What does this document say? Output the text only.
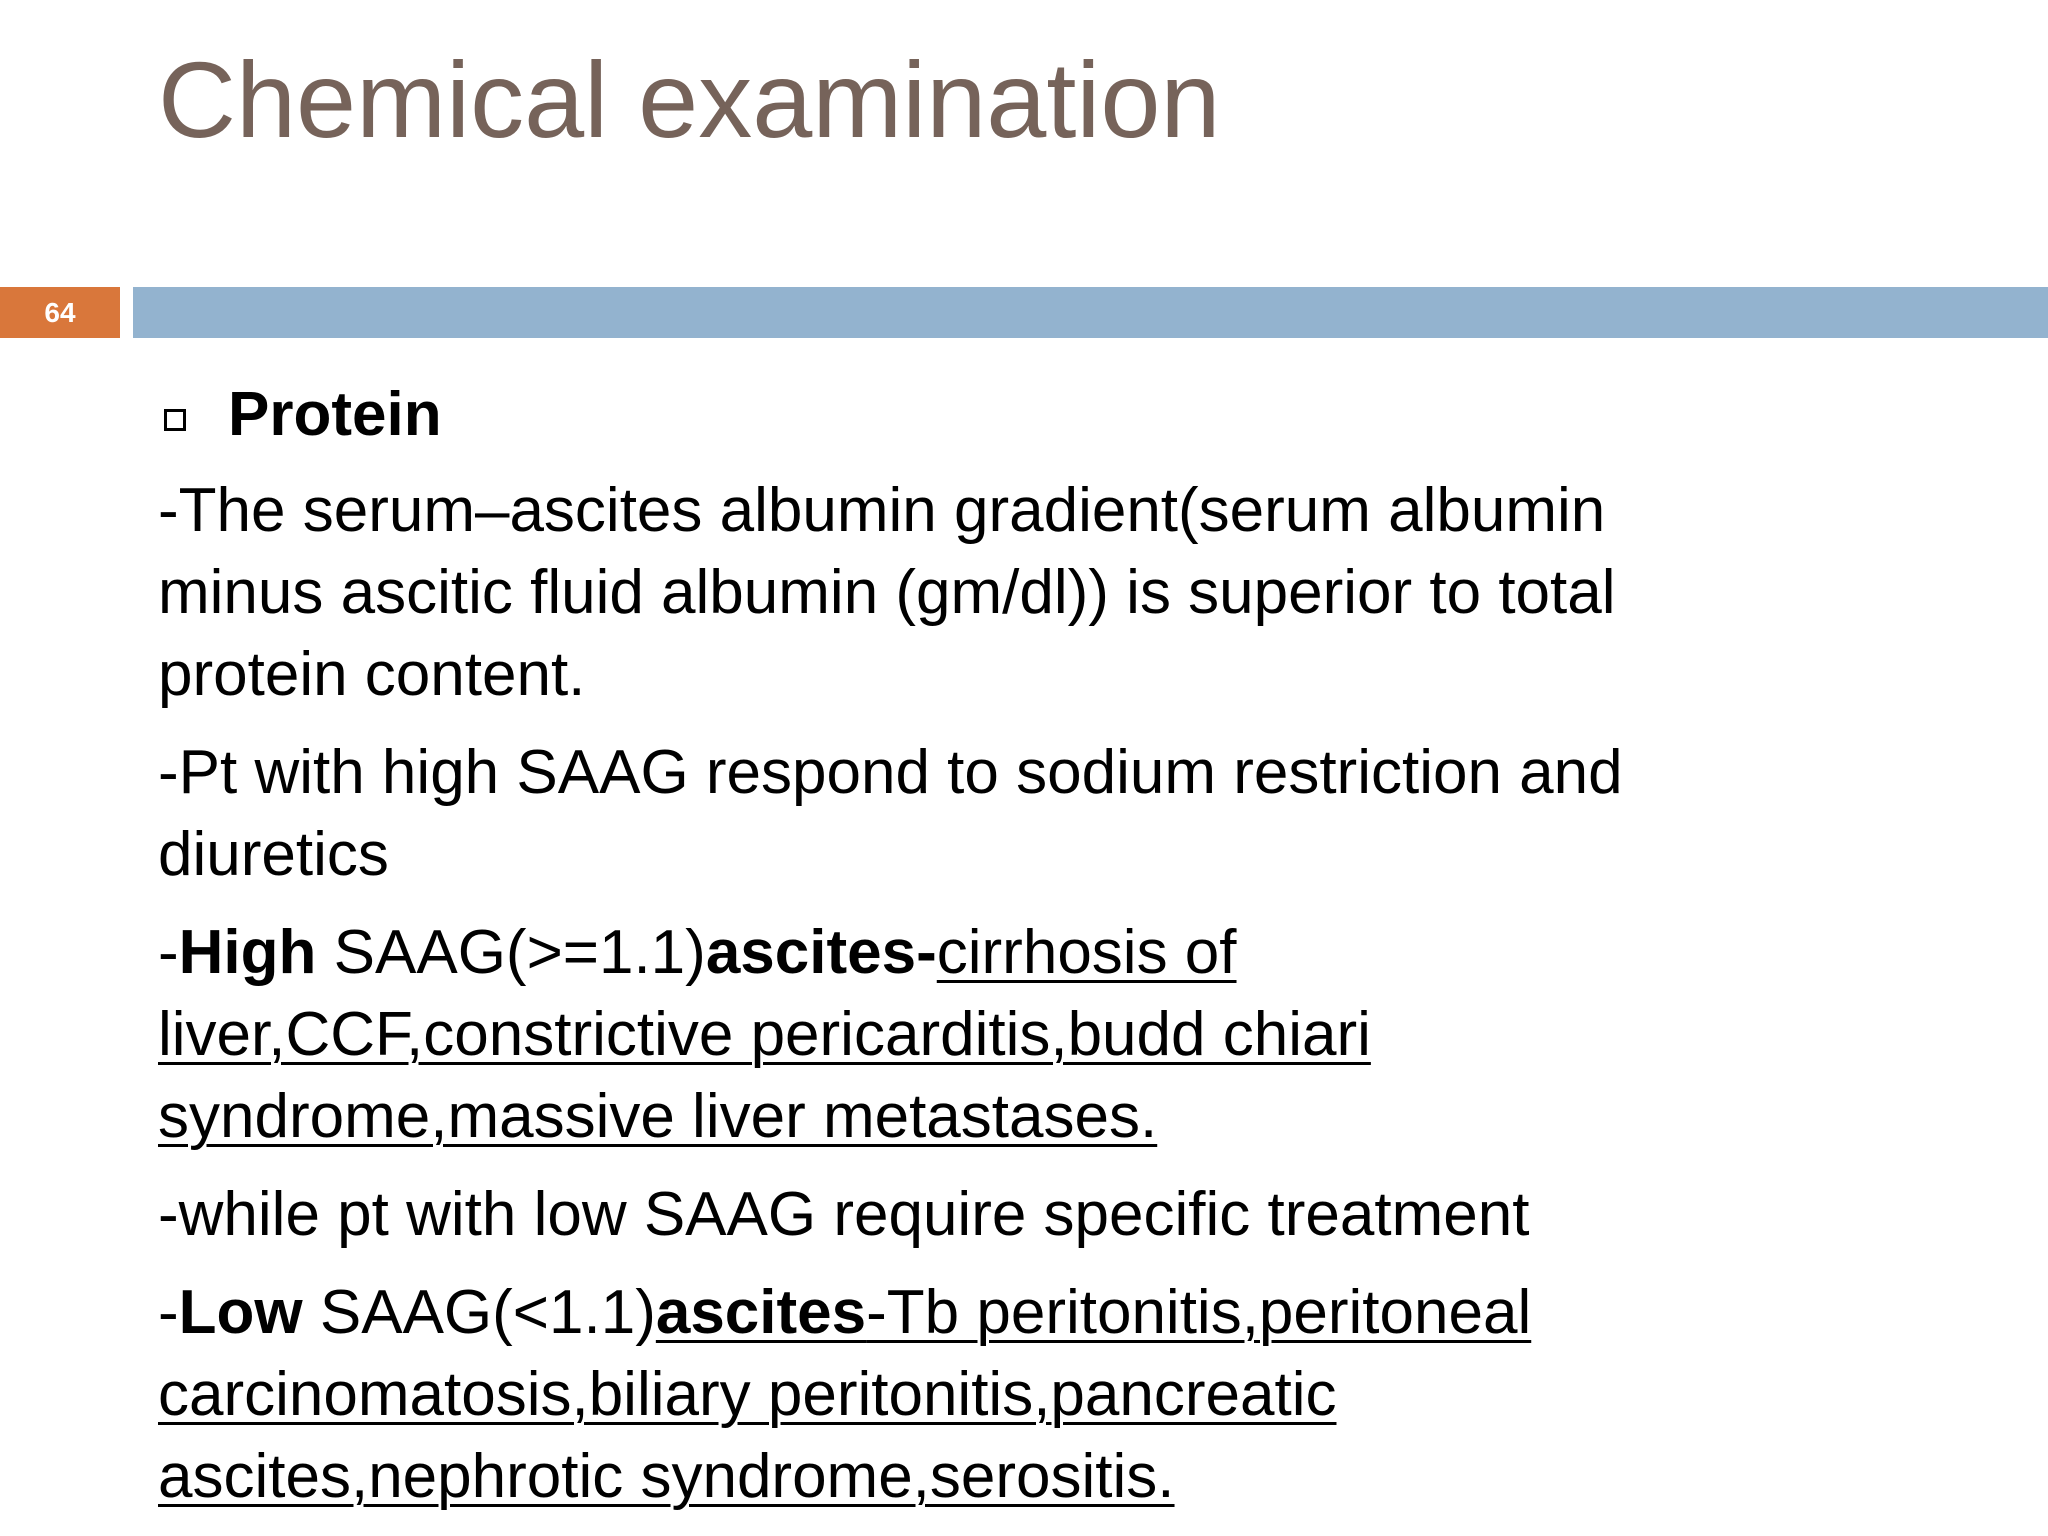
Chemical examination
64
Protein

-The serum–ascites albumin gradient(serum albumin
minus ascitic fluid albumin (gm/dl)) is superior to total
protein content.

-Pt with high SAAG respond to sodium restriction and
diuretics

-High SAAG(>=1.1)ascites-cirrhosis of
liver,CCF,constrictive pericarditis,budd chiari
syndrome,massive liver metastases.

-while pt with low SAAG require specific treatment

-Low SAAG(<1.1)ascites-Tb peritonitis,peritoneal
carcinomatosis,biliary peritonitis,pancreatic
ascites,nephrotic syndrome,serositis.
